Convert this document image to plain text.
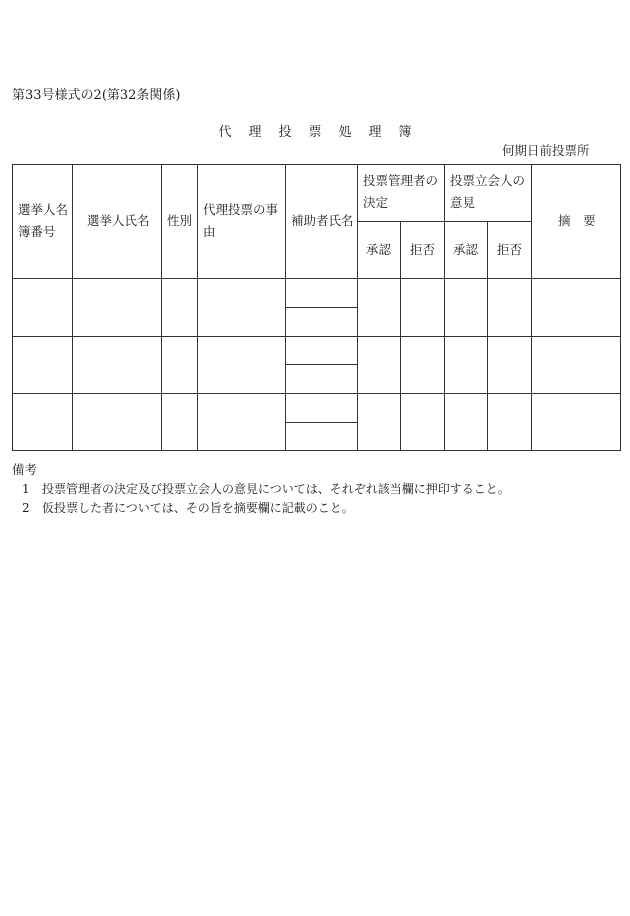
第33号様式の2(第32条関係)
代理投票処理簿
何期日前投票所
選挙人名
簿番号
選挙人氏名 性別
代理投票の事
由
補助者氏名
投票管理者の
決定
投票立会人の
意見
承認 拒否 承認 拒否
摘　要
備考
1 投票管理者の決定及び投票立会人の意見については、それぞれ該当欄に押印すること。
2 仮投票した者については、その旨を摘要欄に記載のこと。
